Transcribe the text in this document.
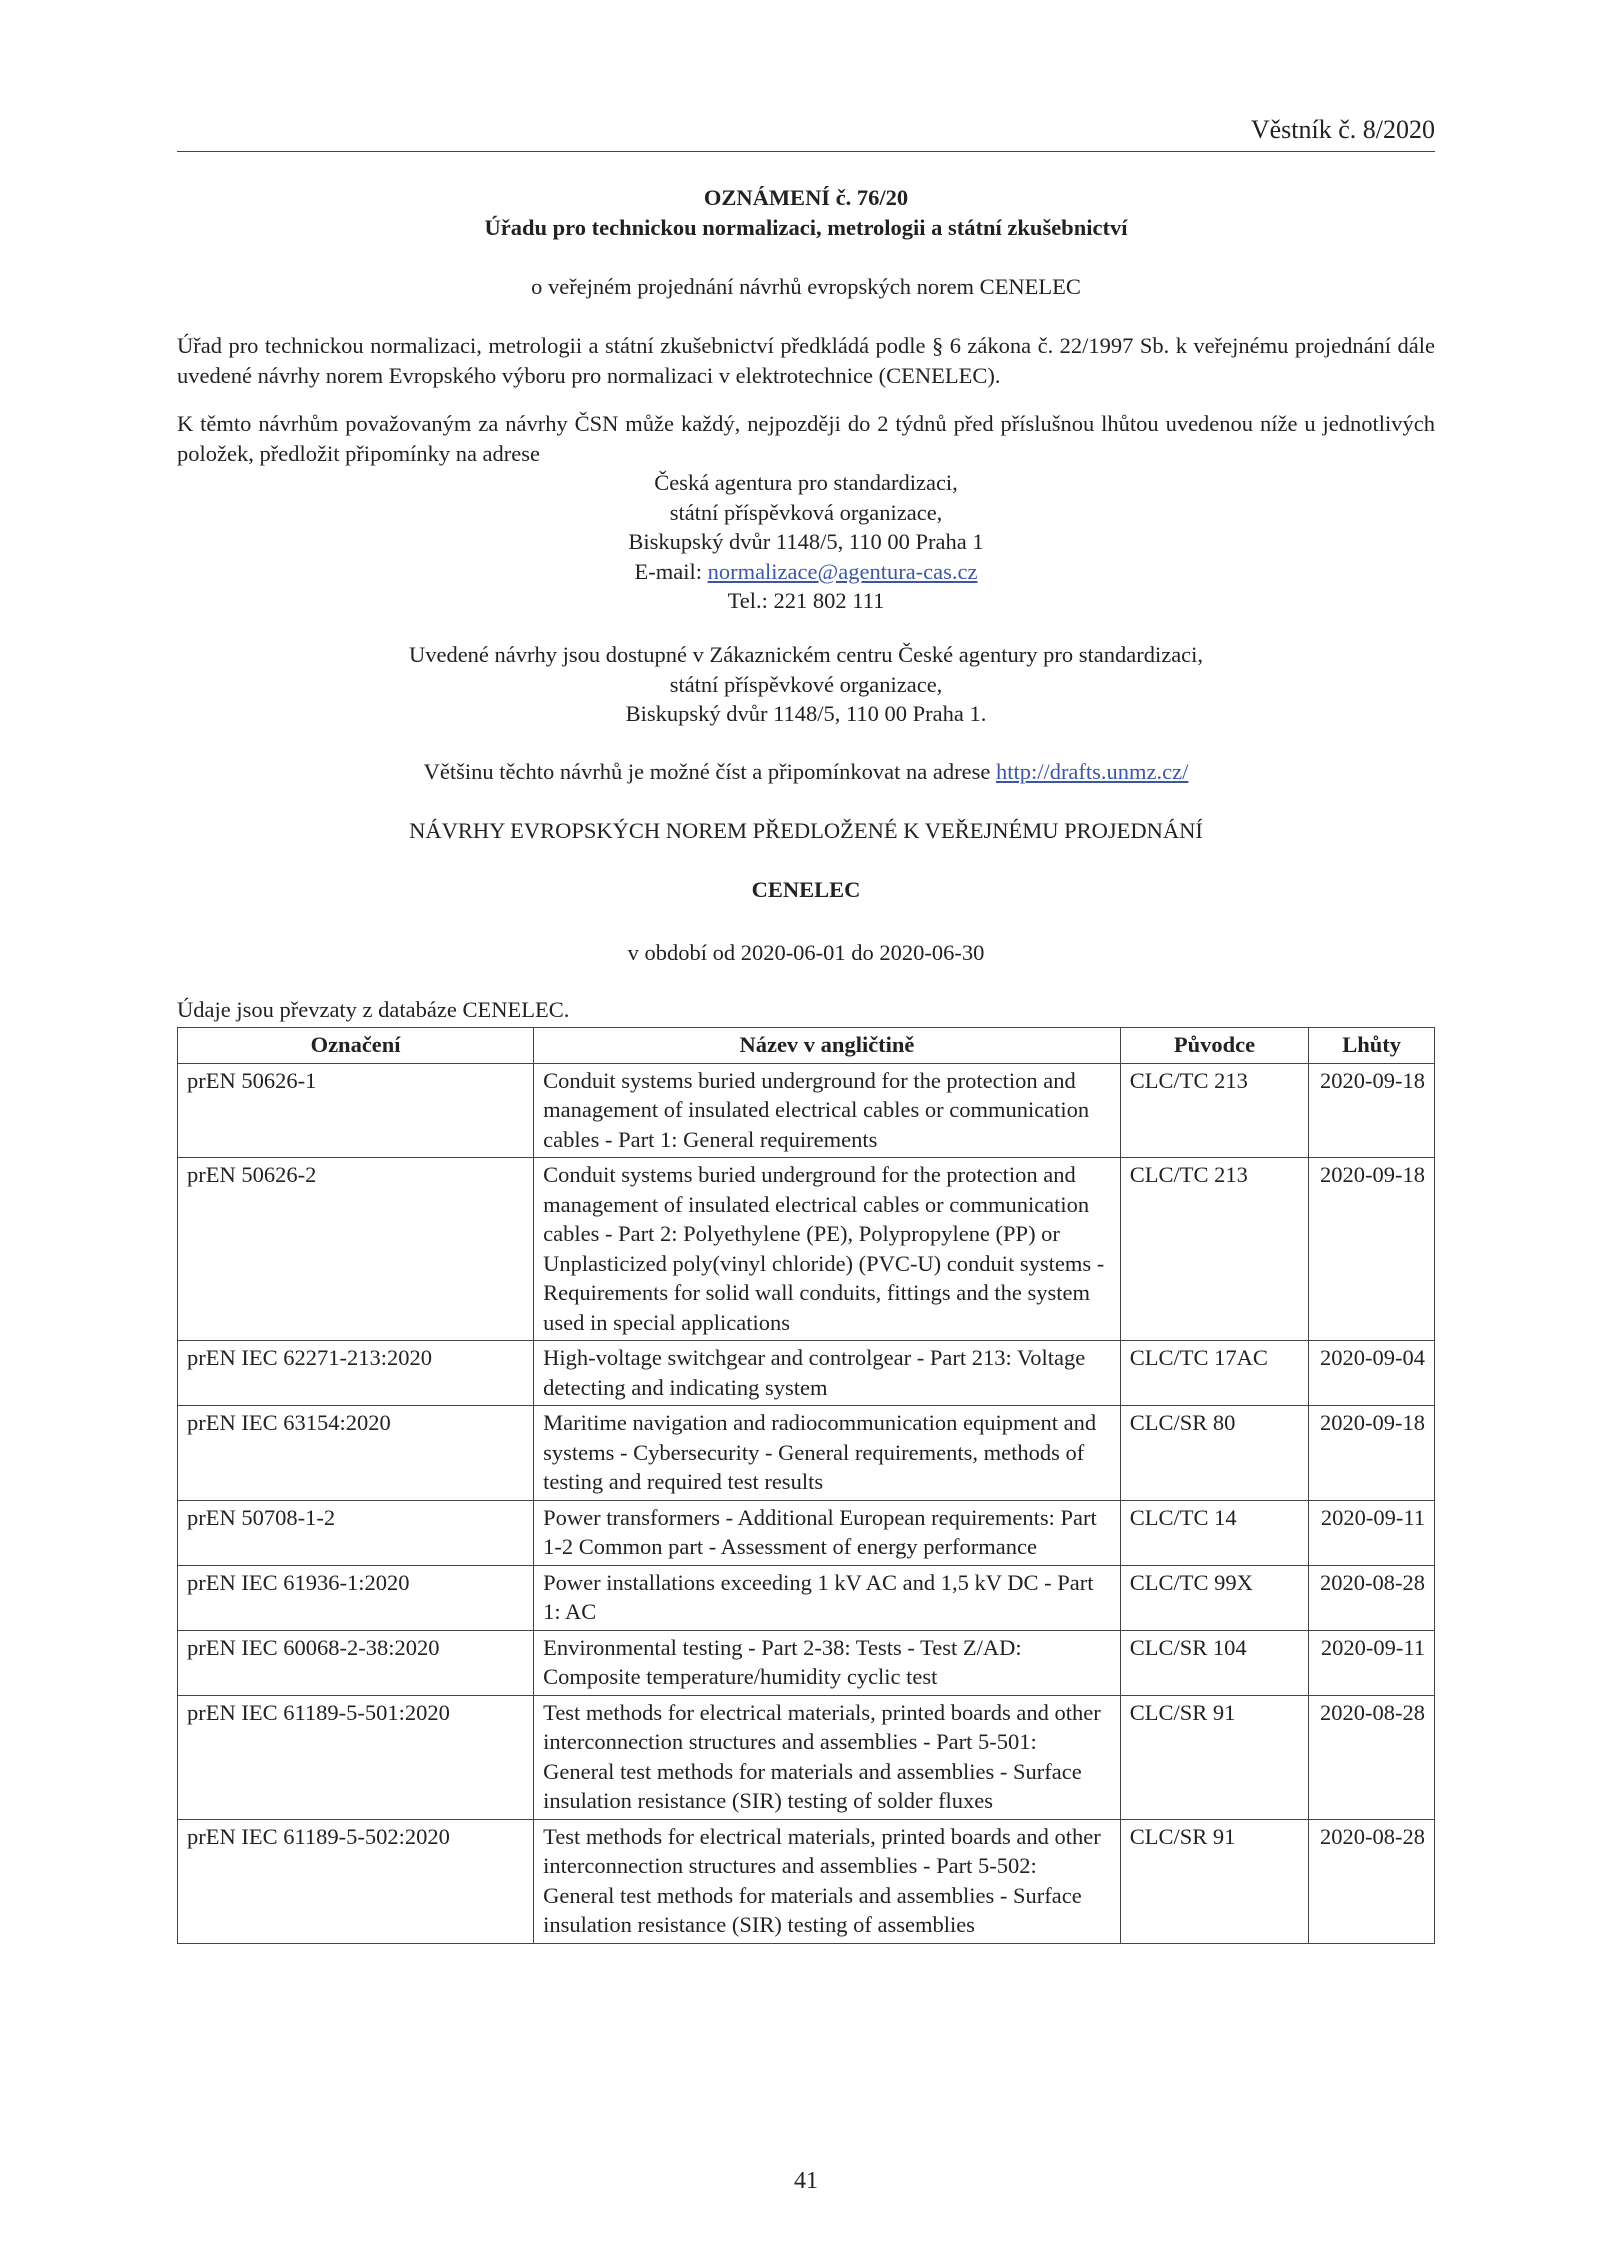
Věstník č. 8/2020
OZNÁMENÍ č. 76/20
Úřadu pro technickou normalizaci, metrologii a státní zkušebnictví
o veřejném projednání návrhů evropských norem CENELEC
Úřad pro technickou normalizaci, metrologii a státní zkušebnictví předkládá podle § 6 zákona č. 22/1997 Sb. k veřejnému projednání dále uvedené návrhy norem Evropského výboru pro normalizaci v elektrotechnice (CENELEC).
K těmto návrhům považovaným za návrhy ČSN může každý, nejpozději do 2 týdnů před příslušnou lhůtou uvedenou níže u jednotlivých položek, předložit připomínky na adrese
Česká agentura pro standardizaci,
státní příspěvková organizace,
Biskupský dvůr 1148/5, 110 00 Praha 1
E-mail: normalizace@agentura-cas.cz
Tel.: 221 802 111
Uvedené návrhy jsou dostupné v Zákaznickém centru České agentury pro standardizaci,
státní příspěvkové organizace,
Biskupský dvůr 1148/5, 110 00 Praha 1.
Většinu těchto návrhů je možné číst a připomínkovat na adrese http://drafts.unmz.cz/
NÁVRHY EVROPSKÝCH NOREM PŘEDLOŽENÉ K VEŘEJNÉMU PROJEDNÁNÍ
CENELEC
v období od 2020-06-01 do 2020-06-30
Údaje jsou převzaty z databáze CENELEC.
Označení	Název v angličtině	Původce	Lhůty
prEN 50626-1	Conduit systems buried underground for the protection and management of insulated electrical cables or communication cables - Part 1: General requirements	CLC/TC 213	2020-09-18
prEN 50626-2	Conduit systems buried underground for the protection and management of insulated electrical cables or communication cables - Part 2: Polyethylene (PE), Polypropylene (PP) or Unplasticized poly(vinyl chloride) (PVC-U) conduit systems - Requirements for solid wall conduits, fittings and the system used in special applications	CLC/TC 213	2020-09-18
prEN IEC 62271-213:2020	High-voltage switchgear and controlgear - Part 213: Voltage detecting and indicating system	CLC/TC 17AC	2020-09-04
prEN IEC 63154:2020	Maritime navigation and radiocommunication equipment and systems - Cybersecurity - General requirements, methods of testing and required test results	CLC/SR 80	2020-09-18
prEN 50708-1-2	Power transformers - Additional European requirements: Part 1-2 Common part - Assessment of energy performance	CLC/TC 14	2020-09-11
prEN IEC 61936-1:2020	Power installations exceeding 1 kV AC and 1,5 kV DC - Part 1: AC	CLC/TC 99X	2020-08-28
prEN IEC 60068-2-38:2020	Environmental testing - Part 2-38: Tests - Test Z/AD: Composite temperature/humidity cyclic test	CLC/SR 104	2020-09-11
prEN IEC 61189-5-501:2020	Test methods for electrical materials, printed boards and other interconnection structures and assemblies - Part 5-501: General test methods for materials and assemblies - Surface insulation resistance (SIR) testing of solder fluxes	CLC/SR 91	2020-08-28
prEN IEC 61189-5-502:2020	Test methods for electrical materials, printed boards and other interconnection structures and assemblies - Part 5-502: General test methods for materials and assemblies - Surface insulation resistance (SIR) testing of assemblies	CLC/SR 91	2020-08-28
41
